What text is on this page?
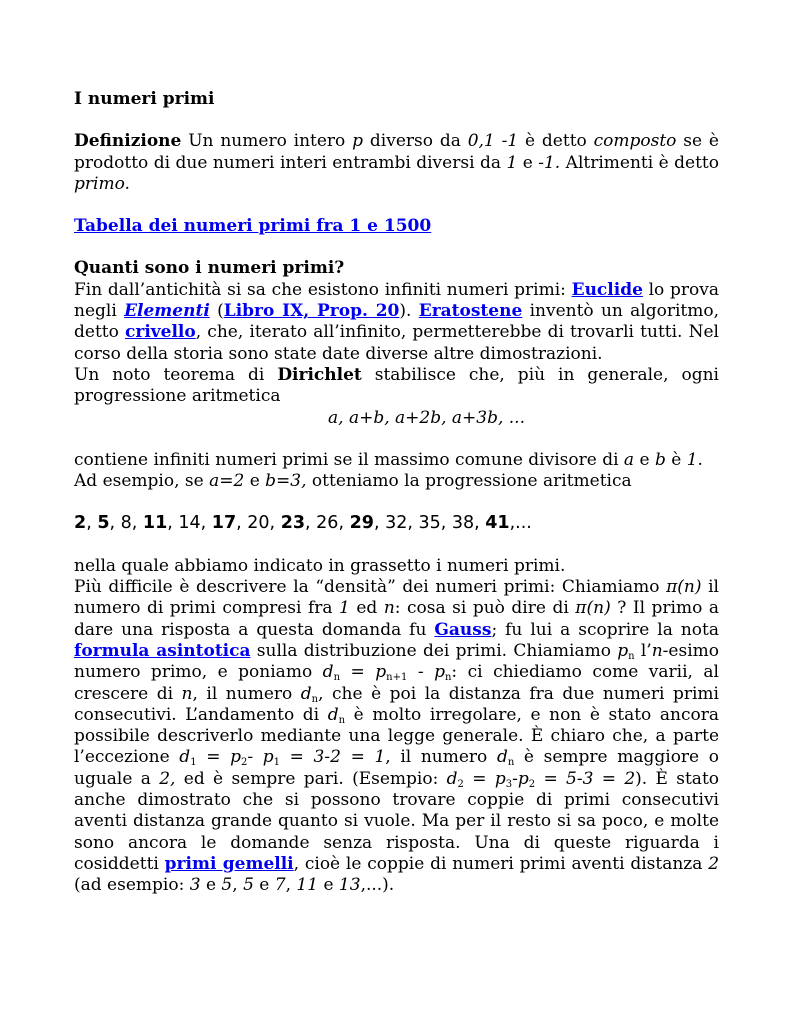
I numeri primi

Definizione Un numero intero p diverso da 0,1 -1 è detto composto se è prodotto di due numeri interi entrambi diversi da 1 e -1. Altrimenti è detto primo.

Tabella dei numeri primi fra 1 e 1500

Quanti sono i numeri primi?

Fin dall’antichità si sa che esistono infiniti numeri primi: Euclide lo prova negli Elementi (Libro IX, Prop. 20). Eratostene inventò un algoritmo, detto crivello, che, iterato all’infinito, permetterebbe di trovarli tutti. Nel corso della storia sono state date diverse altre dimostrazioni.

Un noto teorema di Dirichlet stabilisce che, più in generale, ogni progressione aritmetica

a, a+b, a+2b, a+3b, ...

contiene infiniti numeri primi se il massimo comune divisore di a e b è 1.

Ad esempio, se a=2 e b=3, otteniamo la progressione aritmetica

2, 5, 8, 11, 14, 17, 20, 23, 26, 29, 32, 35, 38, 41,...

nella quale abbiamo indicato in grassetto i numeri primi.

Più difficile è descrivere la “densità” dei numeri primi: Chiamiamo π(n) il numero di primi compresi fra 1 ed n: cosa si può dire di π(n) ? Il primo a dare una risposta a questa domanda fu Gauss; fu lui a scoprire la nota formula asintotica sulla distribuzione dei primi. Chiamiamo $p_n$ l’n-esimo numero primo, e poniamo $d_n = p_{n+1} - p_n$: ci chiediamo come varii, al crescere di n, il numero $d_n$, che è poi la distanza fra due numeri primi consecutivi. L’andamento di $d_n$ è molto irregolare, e non è stato ancora possibile descriverlo mediante una legge generale. È chiaro che, a parte l’eccezione $d_1 = p_2-$ $p_1 = 3-2 = 1$, il numero $d_n$ è sempre maggiore o uguale a 2, ed è sempre pari. (Esempio: $d_2 = p_3-p_2 = 5-3 = 2$). È stato anche dimostrato che si possono trovare coppie di primi consecutivi aventi distanza grande quanto si vuole. Ma per il resto si sa poco, e molte sono ancora le domande senza risposta. Una di queste riguarda i cosiddetti primi gemelli, cioè le coppie di numeri primi aventi distanza 2 (ad esempio: 3 e 5, 5 e 7, 11 e 13,...).
